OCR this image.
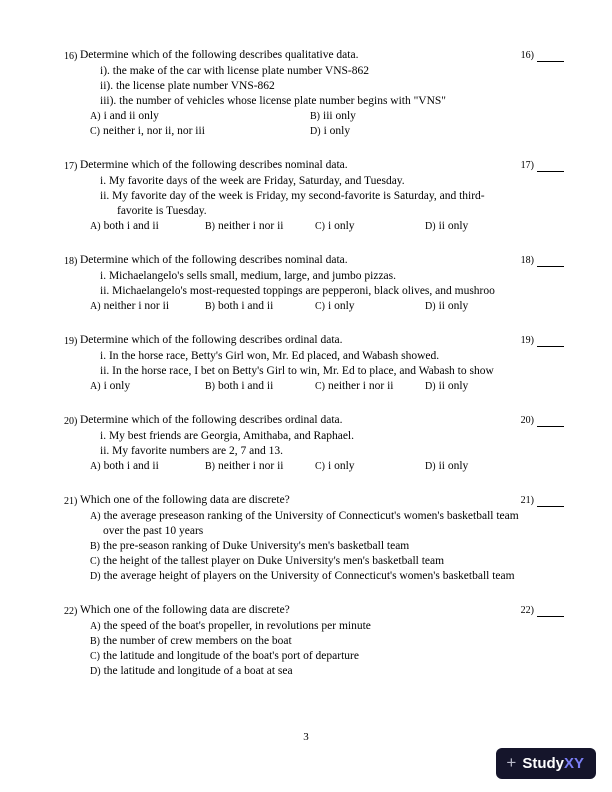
16) Determine which of the following describes qualitative data.	16)
i). the make of the car with license plate number VNS-862
ii). the license plate number VNS-862
iii). the number of vehicles whose license plate number begins with "VNS"
A) i and ii only	B) iii only
C) neither i, nor ii, nor iii	D) i only
17) Determine which of the following describes nominal data.	17)
i. My favorite days of the week are Friday, Saturday, and Tuesday.
ii. My favorite day of the week is Friday, my second-favorite is Saturday, and third-favorite is Tuesday.
A) both i and ii	B) neither i nor ii	C) i only	D) ii only
18) Determine which of the following describes nominal data.	18)
i. Michaelangelo's sells small, medium, large, and jumbo pizzas.
ii. Michaelangelo's most-requested toppings are pepperoni, black olives, and mushroo
A) neither i nor ii	B) both i and ii	C) i only	D) ii only
19) Determine which of the following describes ordinal data.	19)
i. In the horse race, Betty's Girl won, Mr. Ed placed, and Wabash showed.
ii. In the horse race, I bet on Betty's Girl to win, Mr. Ed to place, and Wabash to show
A) i only	B) both i and ii	C) neither i nor ii	D) ii only
20) Determine which of the following describes ordinal data.	20)
i. My best friends are Georgia, Amithaba, and Raphael.
ii. My favorite numbers are 2, 7 and 13.
A) both i and ii	B) neither i nor ii	C) i only	D) ii only
21) Which one of the following data are discrete?	21)
A) the average preseason ranking of the University of Connecticut's women's basketball team over the past 10 years
B) the pre-season ranking of Duke University's men's basketball team
C) the height of the tallest player on Duke University's men's basketball team
D) the average height of players on the University of Connecticut's women's basketball team
22) Which one of the following data are discrete?	22)
A) the speed of the boat's propeller, in revolutions per minute
B) the number of crew members on the boat
C) the latitude and longitude of the boat's port of departure
D) the latitude and longitude of a boat at sea
3
+ StudyXY
